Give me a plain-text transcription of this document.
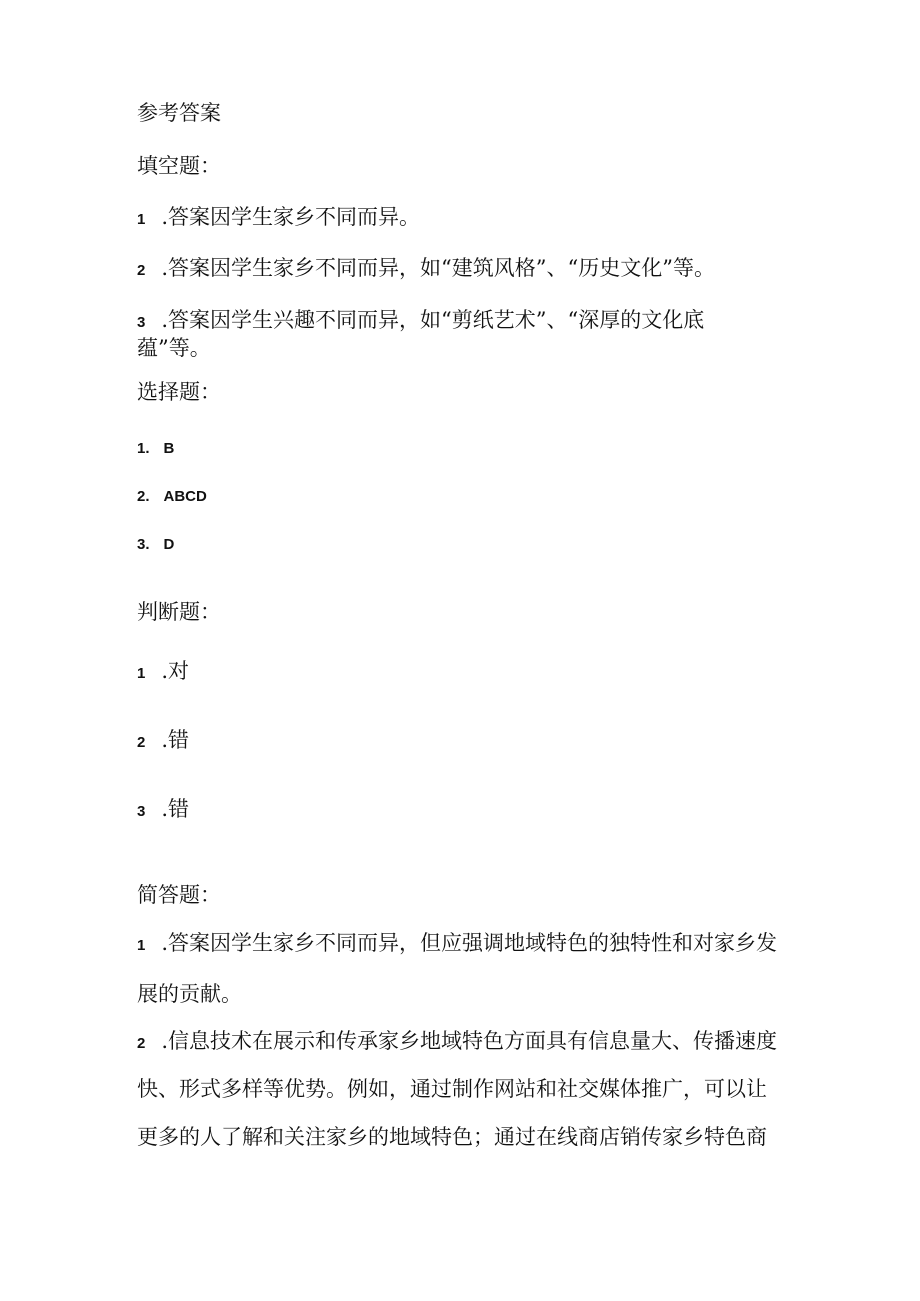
参考答案
填空题：
1 .答案因学生家乡不同而异。
2 .答案因学生家乡不同而异，如“建筑风格”、“历史文化”等。
3 .答案因学生兴趣不同而异，如“剪纸艺术”、“深厚的文化底
蕴”等。
选择题：
1. B
2. ABCD
3. D
判断题：
1 .对
2 .错
3 .错
简答题：
1 .答案因学生家乡不同而异，但应强调地域特色的独特性和对家乡发
展的贡献。
2 .信息技术在展示和传承家乡地域特色方面具有信息量大、传播速度
快、形式多样等优势。例如，通过制作网站和社交媒体推广，可以让
更多的人了解和关注家乡的地域特色；通过在线商店销传家乡特色商
